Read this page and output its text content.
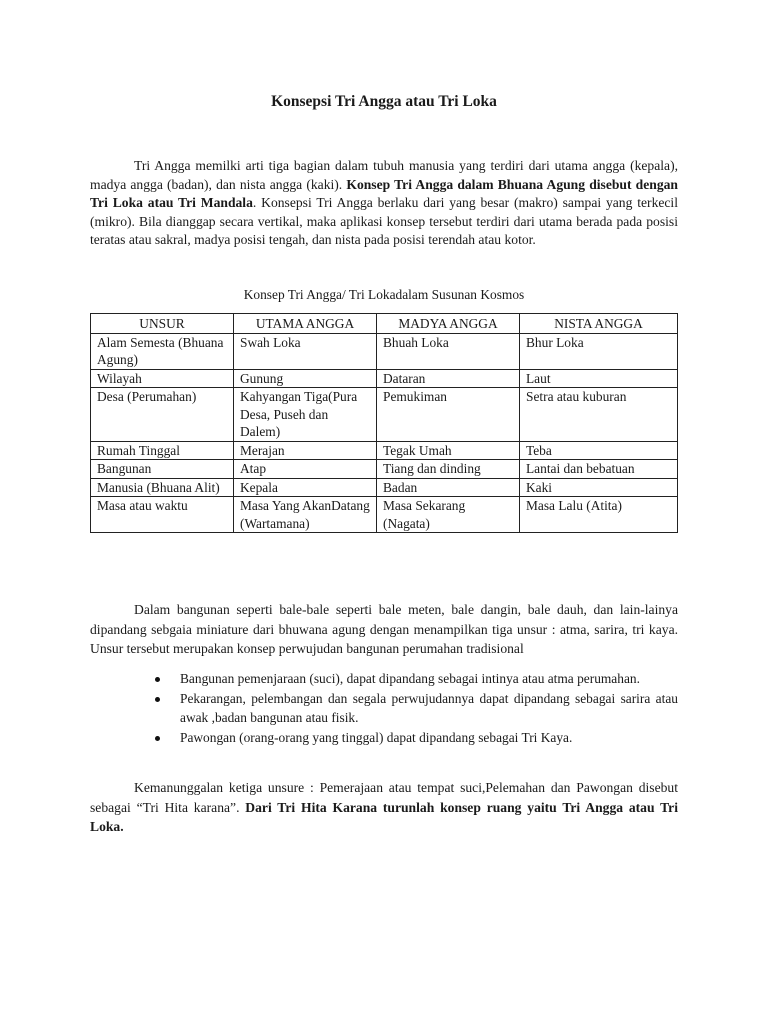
Konsepsi Tri Angga atau Tri Loka

Tri Angga memilki arti tiga bagian dalam tubuh manusia yang terdiri dari utama angga (kepala), madya angga (badan), dan nista angga (kaki). Konsep Tri Angga dalam Bhuana Agung disebut dengan Tri Loka atau Tri Mandala. Konsepsi Tri Angga berlaku dari yang besar (makro) sampai yang terkecil (mikro). Bila dianggap secara vertikal, maka aplikasi konsep tersebut terdiri dari utama berada pada posisi teratas atau sakral, madya posisi tengah, dan nista pada posisi terendah atau kotor.

Konsep Tri Angga/ Tri Lokadalam Susunan Kosmos
UNSUR	UTAMA ANGGA	MADYA ANGGA	NISTA ANGGA
Alam Semesta (Bhuana Agung)	Swah Loka	Bhuah Loka	Bhur Loka
Wilayah	Gunung	Dataran	Laut
Desa (Perumahan)	Kahyangan Tiga(Pura Desa, Puseh dan Dalem)	Pemukiman	Setra atau kuburan
Rumah Tinggal	Merajan	Tegak Umah	Teba
Bangunan	Atap	Tiang dan dinding	Lantai dan bebatuan
Manusia (Bhuana Alit)	Kepala	Badan	Kaki
Masa atau waktu	Masa Yang AkanDatang (Wartamana)	Masa Sekarang (Nagata)	Masa Lalu (Atita)

Dalam bangunan seperti bale-bale seperti bale meten, bale dangin, bale dauh, dan lain-lainya dipandang sebgaia miniature dari bhuwana agung dengan menampilkan tiga unsur : atma, sarira, tri kaya. Unsur tersebut merupakan konsep perwujudan bangunan perumahan tradisional

Bangunan pemenjaraan (suci), dapat dipandang sebagai intinya atau atma perumahan.
Pekarangan, pelembangan dan segala perwujudannya dapat dipandang sebagai sarira atau awak ,badan bangunan atau fisik.
Pawongan (orang-orang yang tinggal) dapat dipandang sebagai Tri Kaya.

Kemanunggalan ketiga unsure : Pemerajaan atau tempat suci,Pelemahan dan Pawongan disebut sebagai “Tri Hita karana”. Dari Tri Hita Karana turunlah konsep ruang yaitu Tri Angga atau Tri Loka.
